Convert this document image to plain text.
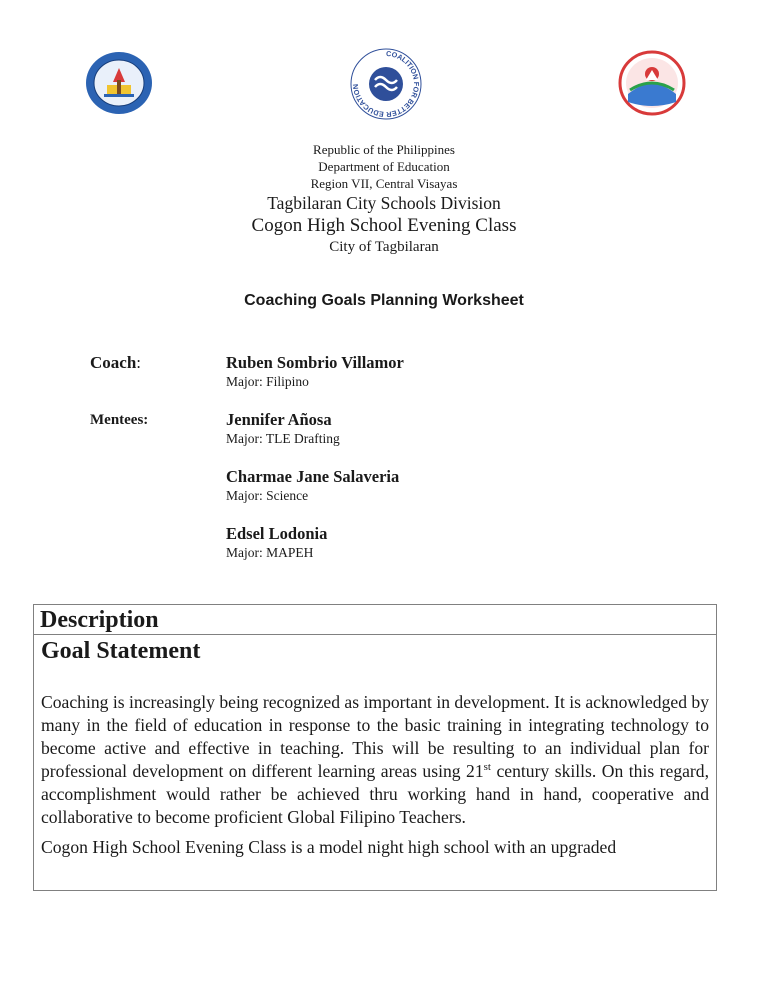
COALITION FOR BETTER EDUCATION
Republic of the Philippines
Department of Education
Region VII, Central Visayas
Tagbilaran City Schools Division
Cogon High School Evening Class
City of Tagbilaran
Coaching Goals Planning Worksheet
Coach:	Ruben Sombrio Villamor
Major: Filipino
Mentees:	Jennifer Añosa
Major: TLE Drafting
Charmae Jane Salaveria
Major: Science
Edsel Lodonia
Major: MAPEH
Description
Goal Statement

Coaching is increasingly being recognized as important in development. It is acknowledged by many in the field of education in response to the basic training in integrating technology to become active and effective in teaching. This will be resulting to an individual plan for professional development on different learning areas using 21st century skills. On this regard, accomplishment would rather be achieved thru working hand in hand, cooperative and collaborative to become proficient Global Filipino Teachers.

Cogon High School Evening Class is a model night high school with an upgraded
